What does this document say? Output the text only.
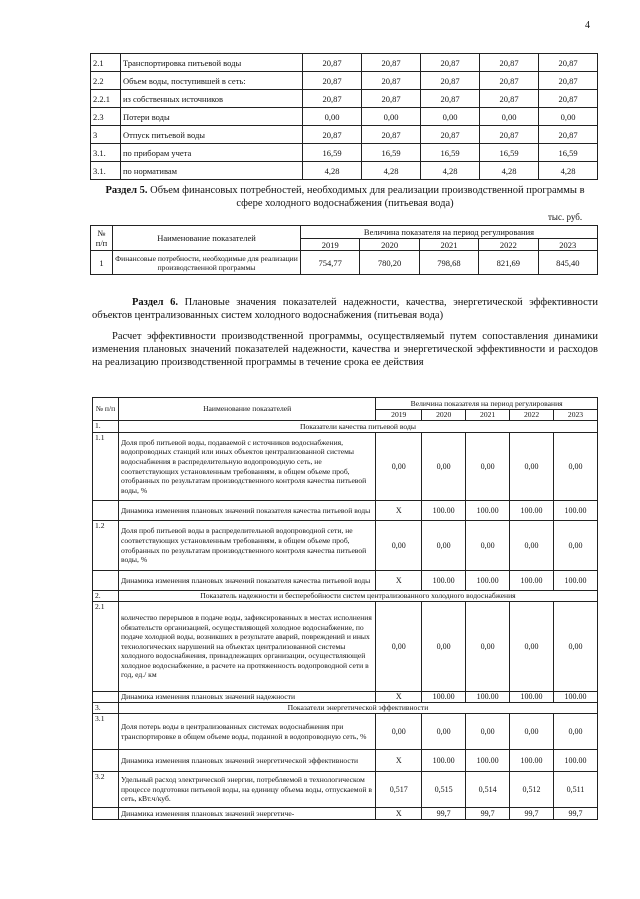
4
2.1	Транспортировка питьевой воды	20,87	20,87	20,87	20,87	20,87
2.2	Объем воды, поступившей в сеть:	20,87	20,87	20,87	20,87	20,87
2.2.1	из собственных источников	20,87	20,87	20,87	20,87	20,87
2.3	Потери воды	0,00	0,00	0,00	0,00	0,00
3	Отпуск питьевой воды	20,87	20,87	20,87	20,87	20,87
3.1.	по приборам учета	16,59	16,59	16,59	16,59	16,59
3.1.	по нормативам	4,28	4,28	4,28	4,28	4,28
Раздел 5. Объем финансовых потребностей, необходимых для реализации производственной программы в сфере холодного водоснабжения (питьевая вода)
тыс. руб.
№ п/п	Наименование показателей	Величина показателя на период регулирования				
		2019	2020	2021	2022	2023
1	Финансовые потребности, необходимые для реализации производственной программы	754,77	780,20	798,68	821,69	845,40
Раздел 6. Плановые значения показателей надежности, качества, энергетической эффективности объектов централизованных систем холодного водоснабжения (питьевая вода)
Расчет эффективности производственной программы, осуществляемый путем сопоставления динамики изменения плановых значений показателей надежности, качества и энергетической эффективности и расходов на реализацию производственной программы в течение срока ее действия
№ п/п	Наименование показателей	Величина показателя на период регулирования				
		2019	2020	2021	2022	2023
1.	Показатели качества питьевой воды					
1.1	Доля проб питьевой воды, подаваемой с источников водоснабжения, водопроводных станций или иных объектов централизованной системы водоснабжения в распределительную водопроводную сеть, не соответствующих установленным требованиям, в общем объеме проб, отобранных по результатам производственного контроля качества питьевой воды, %	0,00	0,00	0,00	0,00	0,00
	Динамика изменения плановых значений показателя качества питьевой воды	X	100.00	100.00	100.00	100.00
1.2	Доля проб питьевой воды в распределительной водопроводной сети, не соответствующих установленным требованиям, в общем объеме проб, отобранных по результатам производственного контроля качества питьевой воды, %	0,00	0,00	0,00	0,00	0,00
	Динамика изменения плановых значений показателя качества питьевой воды	X	100.00	100.00	100.00	100.00
2.	Показатель надежности и бесперебойности систем централизованного холодного водоснабжения					
2.1	количество перерывов в подаче воды, зафиксированных в местах исполнения обязательств организацией, осуществляющей холодное водоснабжение, по подаче холодной воды, возникших в результате аварий, повреждений и иных технологических нарушений на объектах централизованной системы холодного водоснабжения, принадлежащих организации, осуществляющей холодное водоснабжение, в расчете на протяженность водопроводной сети в год, ед./ км	0,00	0,00	0,00	0,00	0,00
	Динамика изменения плановых значений надежности	X	100.00	100.00	100.00	100.00
3.	Показатели энергетической эффективности					
3.1	Доля потерь воды в централизованных системах водоснабжения при транспортировке в общем объеме воды, поданной в водопроводную сеть, %	0,00	0,00	0,00	0,00	0,00
	Динамика изменения плановых значений энергетической эффективности	X	100.00	100.00	100.00	100.00
3.2	Удельный расход электрической энергии, потребляемой в технологическом процессе подготовки питьевой воды, на единицу объема воды, отпускаемой в сеть, кВт.ч/куб.	0,517	0,515	0,514	0,512	0,511
	Динамика изменения плановых значений энергетиче-	X	99,7	99,7	99,7	99,7
